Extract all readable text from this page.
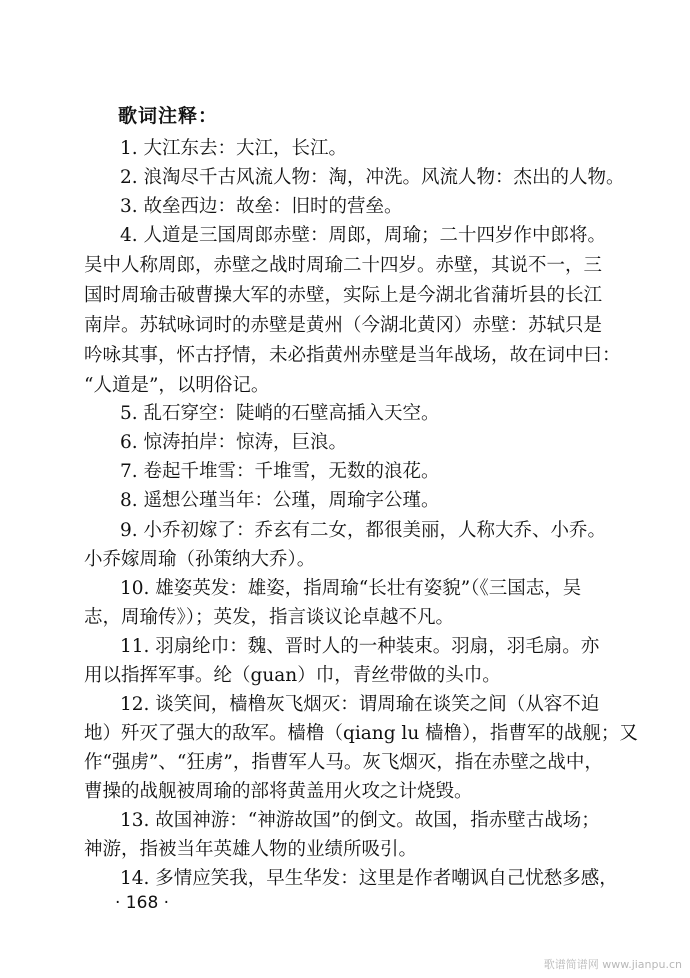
歌词注释：
1. 大江东去：大江，长江。
2. 浪淘尽千古风流人物：淘，冲洗。风流人物：杰出的人物。
3. 故垒西边：故垒：旧时的营垒。
4. 人道是三国周郎赤壁：周郎，周瑜；二十四岁作中郎将。
吴中人称周郎，赤壁之战时周瑜二十四岁。赤壁，其说不一，三
国时周瑜击破曹操大军的赤壁，实际上是今湖北省蒲圻县的长江
南岸。苏轼咏词时的赤壁是黄州（今湖北黄冈）赤壁：苏轼只是
吟咏其事，怀古抒情，未必指黄州赤壁是当年战场，故在词中曰：
“人道是”，以明俗记。
5. 乱石穿空：陡峭的石壁高插入天空。
6. 惊涛拍岸：惊涛，巨浪。
7. 卷起千堆雪：千堆雪，无数的浪花。
8. 遥想公瑾当年：公瑾，周瑜字公瑾。
9. 小乔初嫁了：乔玄有二女，都很美丽，人称大乔、小乔。
小乔嫁周瑜（孙策纳大乔）。
10. 雄姿英发：雄姿，指周瑜“长壮有姿貌”（《三国志，吴
志，周瑜传》）；英发，指言谈议论卓越不凡。
11. 羽扇纶巾：魏、晋时人的一种装束。羽扇，羽毛扇。亦
用以指挥军事。纶（guan）巾，青丝带做的头巾。
12. 谈笑间，樯橹灰飞烟灭：谓周瑜在谈笑之间（从容不迫
地）歼灭了强大的敌军。樯橹（qiang lu 樯橹），指曹军的战舰；又
作“强虏”、“狂虏”，指曹军人马。灰飞烟灭，指在赤壁之战中，
曹操的战舰被周瑜的部将黄盖用火攻之计烧毁。
13. 故国神游：“神游故国”的倒文。故国，指赤壁古战场；
神游，指被当年英雄人物的业绩所吸引。
14. 多情应笑我，早生华发：这里是作者嘲讽自己忧愁多感，
· 168 ·
歌谱简谱网 www.jianpu.cn
